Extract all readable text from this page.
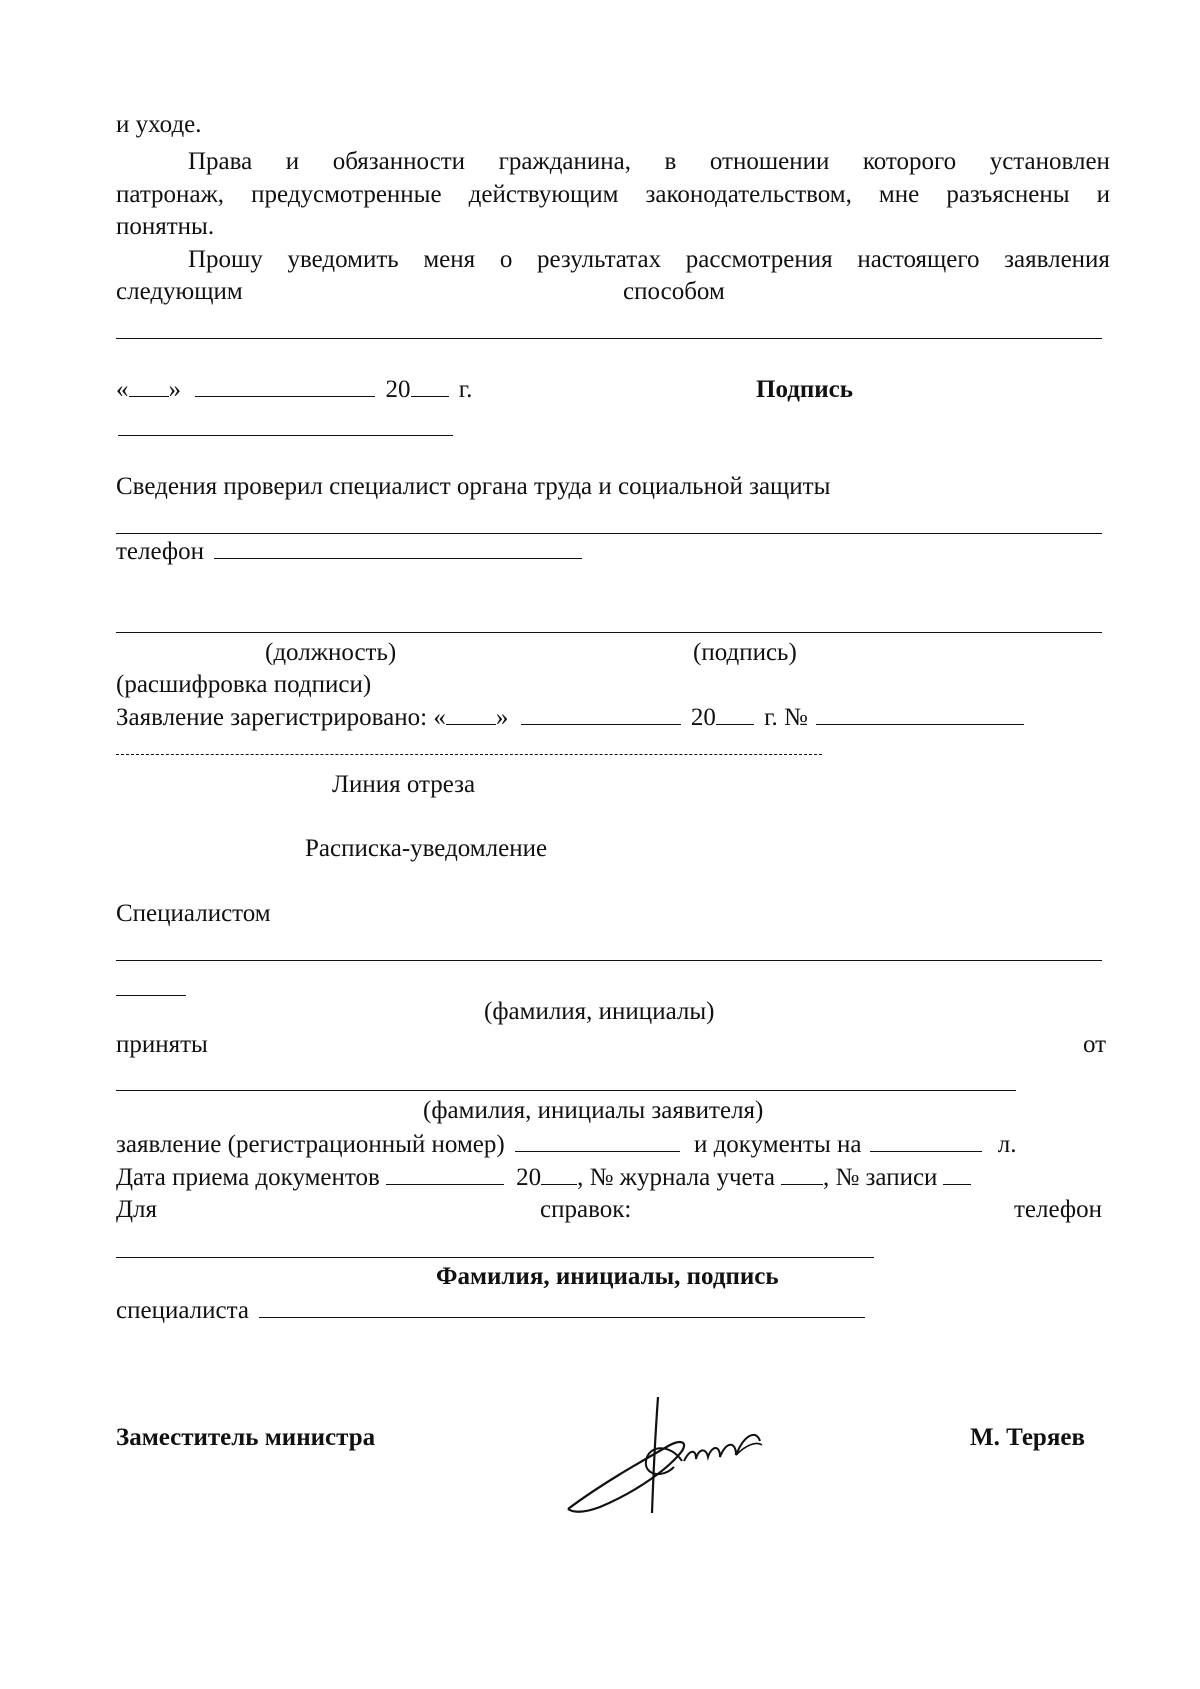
и уходе.
Права и обязанности гражданина, в отношении которого установлен
патронаж, предусмотренные действующим законодательством, мне разъяснены и
понятны.
Прошу уведомить меня о результатах рассмотрения настоящего заявления
следующим	способом
« »	20 г.	Подпись
Сведения проверил специалист органа труда и социальной защиты
телефон
(должность)	(подпись)
(расшифровка подписи)
Заявление зарегистрировано: « »	20 г. №
Линия отреза
Расписка-уведомление
Специалистом
(фамилия, инициалы)
приняты	от
(фамилия, инициалы заявителя)
заявление (регистрационный номер)	и документы на	л.
Дата приема документов	20 , № журнала учета , № записи
Для	справок:	телефон
Фамилия, инициалы, подпись
специалиста
Заместитель министра	М. Теряев
